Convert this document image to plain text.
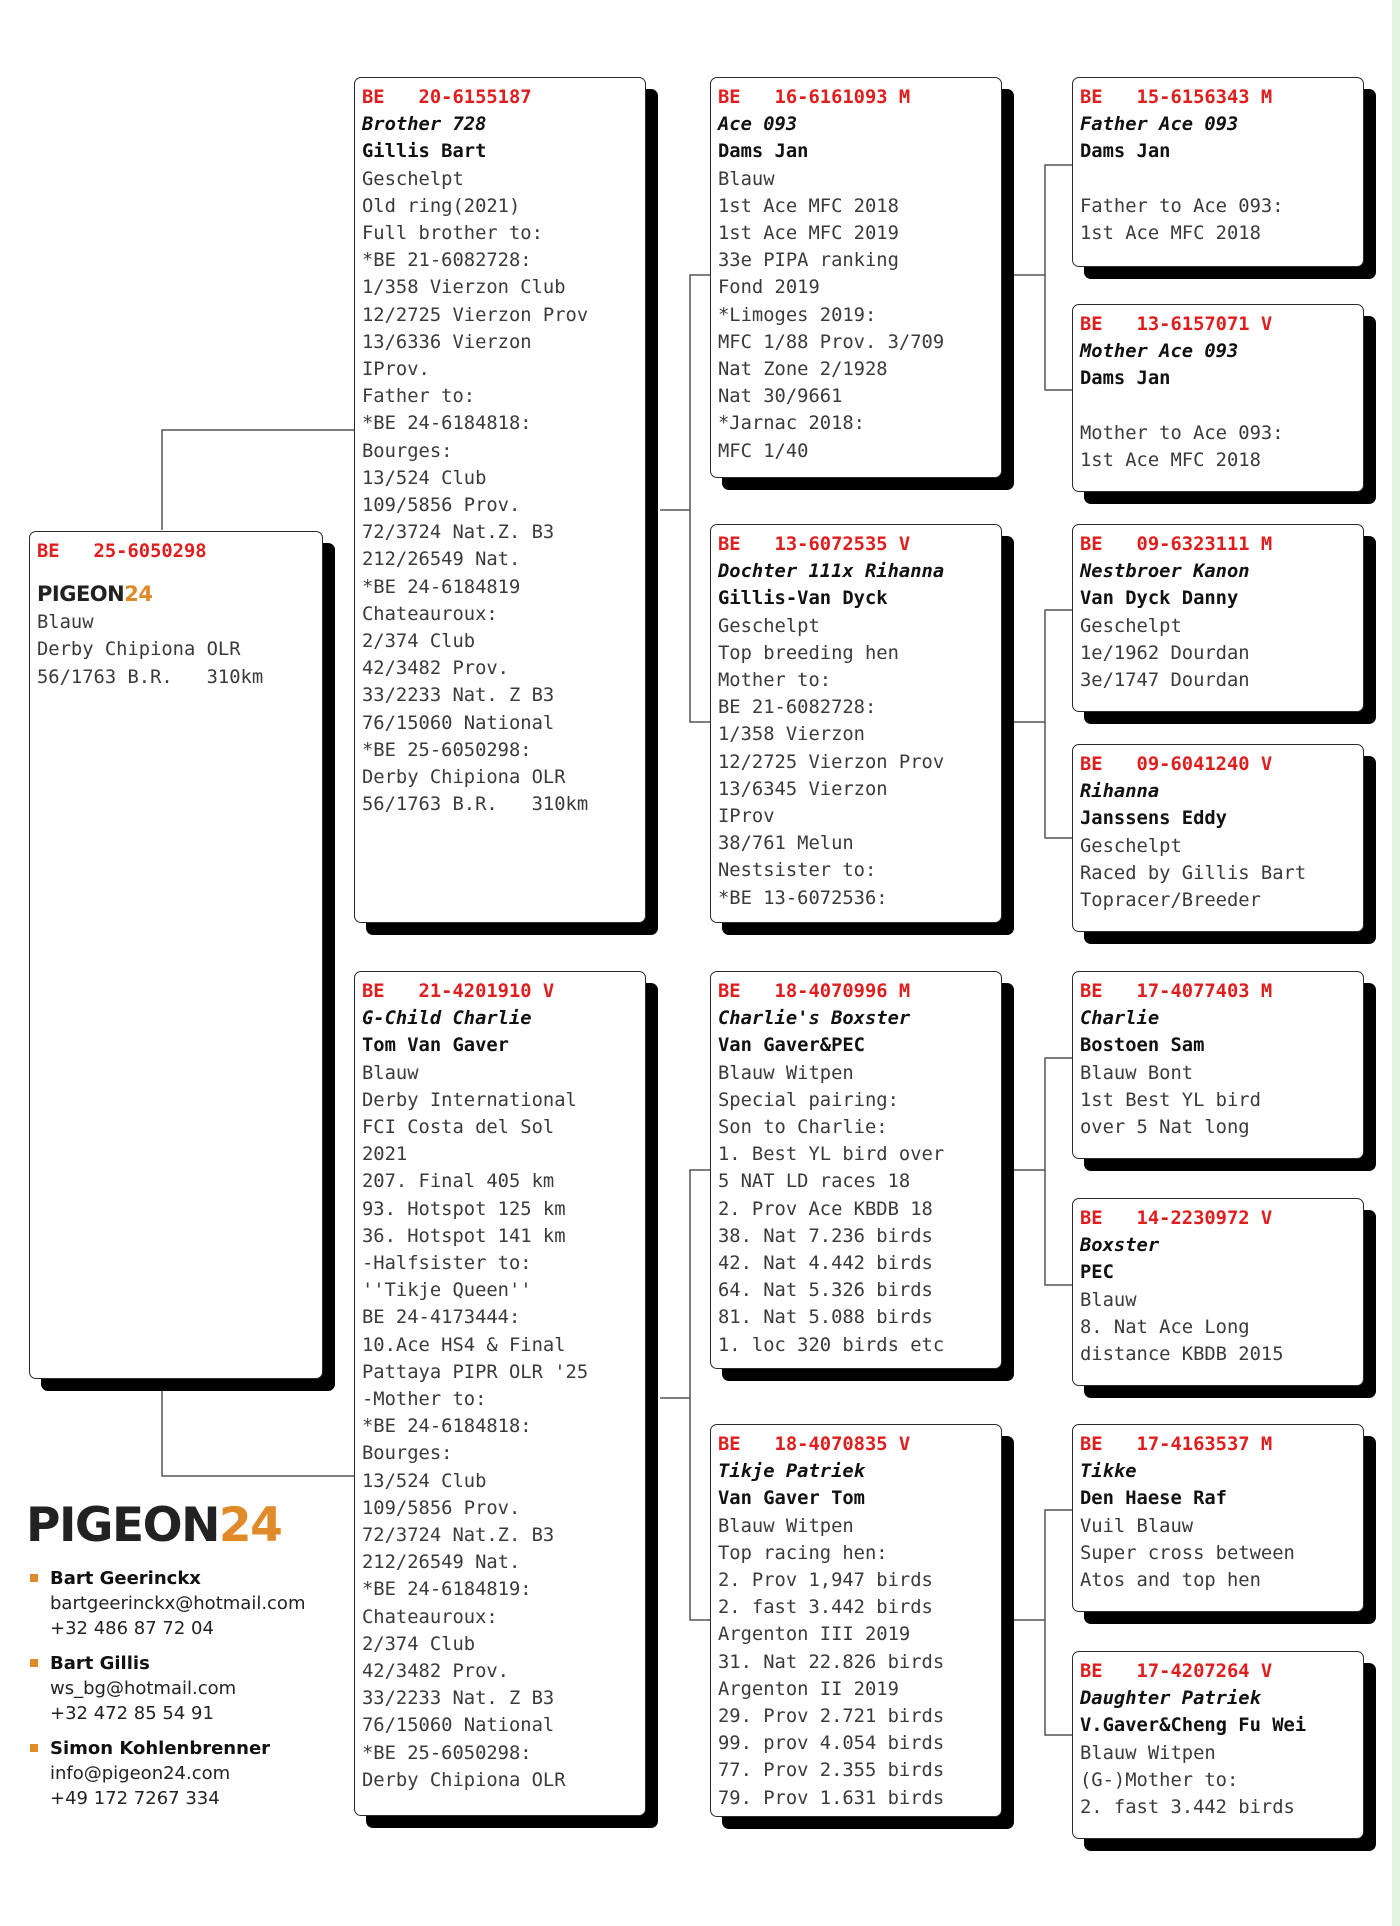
BE   25-6050298
PIGEON24
Blauw
Derby Chipiona OLR
56/1763 B.R.   310km
BE   20-6155187
Brother 728
Gillis Bart
Geschelpt
Old ring(2021)
Full brother to:
*BE 21-6082728:
1/358 Vierzon Club
12/2725 Vierzon Prov
13/6336 Vierzon
IProv.
Father to:
*BE 24-6184818:
Bourges:
13/524 Club
109/5856 Prov.
72/3724 Nat.Z. B3
212/26549 Nat.
*BE 24-6184819
Chateauroux:
2/374 Club
42/3482 Prov.
33/2233 Nat. Z B3
76/15060 National
*BE 25-6050298:
Derby Chipiona OLR
56/1763 B.R.   310km
BE   21-4201910 V
G-Child Charlie
Tom Van Gaver
Blauw
Derby International
FCI Costa del Sol
2021
207. Final 405 km
93. Hotspot 125 km
36. Hotspot 141 km
-Halfsister to:
''Tikje Queen''
BE 24-4173444:
10.Ace HS4 & Final
Pattaya PIPR OLR '25
-Mother to:
*BE 24-6184818:
Bourges:
13/524 Club
109/5856 Prov.
72/3724 Nat.Z. B3
212/26549 Nat.
*BE 24-6184819:
Chateauroux:
2/374 Club
42/3482 Prov.
33/2233 Nat. Z B3
76/15060 National
*BE 25-6050298:
Derby Chipiona OLR
BE   16-6161093 M
Ace 093
Dams Jan
Blauw
1st Ace MFC 2018
1st Ace MFC 2019
33e PIPA ranking
Fond 2019
*Limoges 2019:
MFC 1/88 Prov. 3/709
Nat Zone 2/1928
Nat 30/9661
*Jarnac 2018:
MFC 1/40
BE   13-6072535 V
Dochter 111x Rihanna
Gillis-Van Dyck
Geschelpt
Top breeding hen
Mother to:
BE 21-6082728:
1/358 Vierzon
12/2725 Vierzon Prov
13/6345 Vierzon
IProv
38/761 Melun
Nestsister to:
*BE 13-6072536:
BE   18-4070996 M
Charlie's Boxster
Van Gaver&PEC
Blauw Witpen
Special pairing:
Son to Charlie:
1. Best YL bird over
5 NAT LD races 18
2. Prov Ace KBDB 18
38. Nat 7.236 birds
42. Nat 4.442 birds
64. Nat 5.326 birds
81. Nat 5.088 birds
1. loc 320 birds etc
BE   18-4070835 V
Tikje Patriek
Van Gaver Tom
Blauw Witpen
Top racing hen:
2. Prov 1,947 birds
2. fast 3.442 birds
Argenton III 2019
31. Nat 22.826 birds
Argenton II 2019
29. Prov 2.721 birds
99. prov 4.054 birds
77. Prov 2.355 birds
79. Prov 1.631 birds
BE   15-6156343 M
Father Ace 093
Dams Jan
Father to Ace 093:
1st Ace MFC 2018
BE   13-6157071 V
Mother Ace 093
Dams Jan
Mother to Ace 093:
1st Ace MFC 2018
BE   09-6323111 M
Nestbroer Kanon
Van Dyck Danny
Geschelpt
1e/1962 Dourdan
3e/1747 Dourdan
BE   09-6041240 V
Rihanna
Janssens Eddy
Geschelpt
Raced by Gillis Bart
Topracer/Breeder
BE   17-4077403 M
Charlie
Bostoen Sam
Blauw Bont
1st Best YL bird
over 5 Nat long
BE   14-2230972 V
Boxster
PEC
Blauw
8. Nat Ace Long
distance KBDB 2015
BE   17-4163537 M
Tikke
Den Haese Raf
Vuil Blauw
Super cross between
Atos and top hen
BE   17-4207264 V
Daughter Patriek
V.Gaver&Cheng Fu Wei
Blauw Witpen
(G-)Mother to:
2. fast 3.442 birds
PIGEON24
Bart Geerinckx
bartgeerinckx@hotmail.com
+32 486 87 72 04
Bart Gillis
ws_bg@hotmail.com
+32 472 85 54 91
Simon Kohlenbrenner
info@pigeon24.com
+49 172 7267 334
